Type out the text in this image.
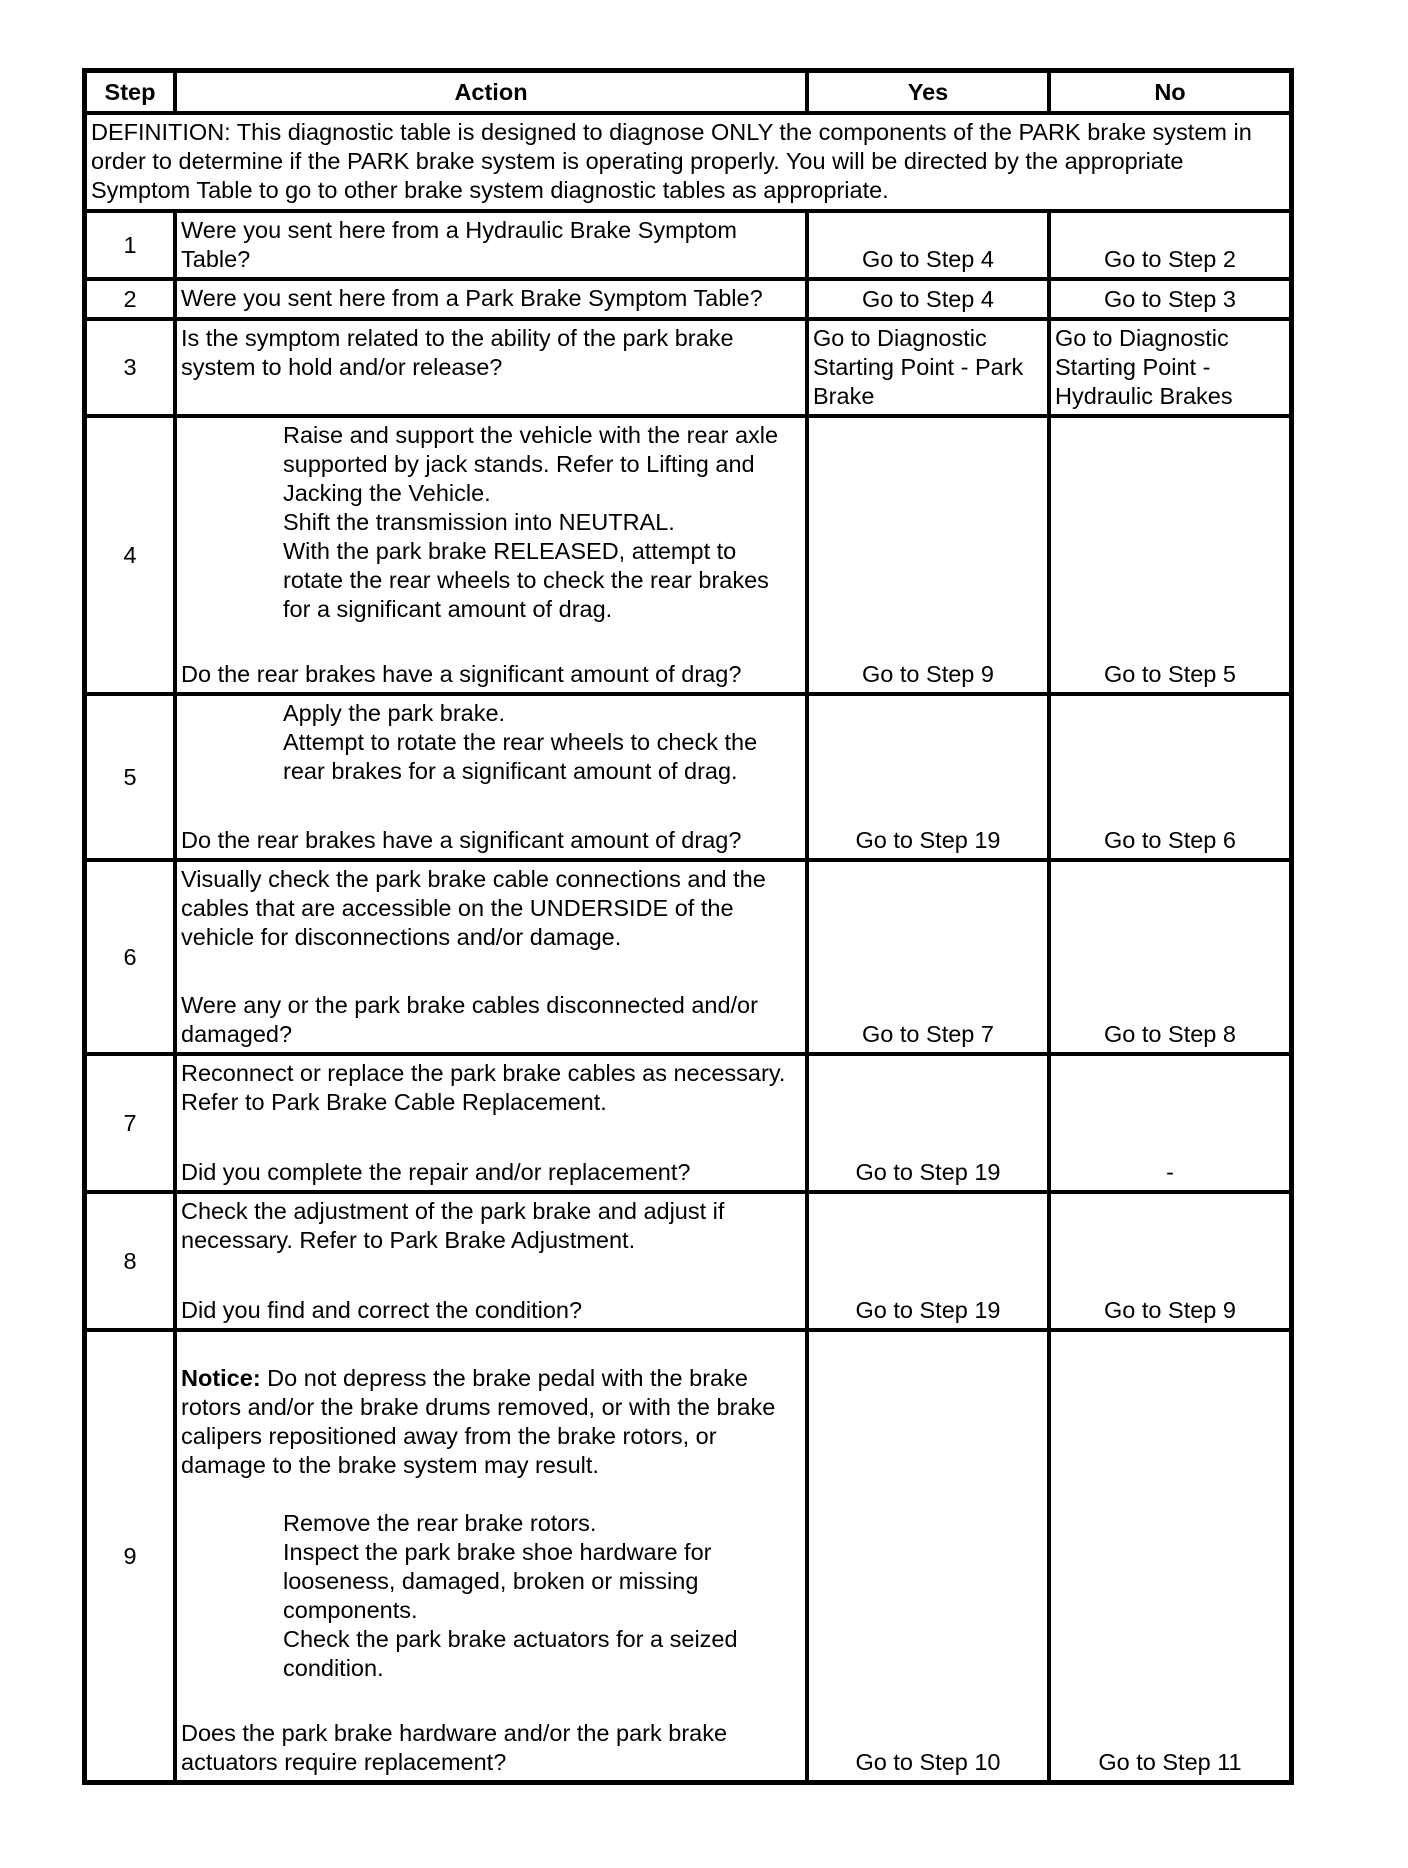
Step	Action	Yes	No
DEFINITION: This diagnostic table is designed to diagnose ONLY the components of the PARK brake system in order to determine if the PARK brake system is operating properly. You will be directed by the appropriate Symptom Table to go to other brake system diagnostic tables as appropriate.			
1	Were you sent here from a Hydraulic Brake Symptom Table?	Go to Step 4	Go to Step 2
2	Were you sent here from a Park Brake Symptom Table?	Go to Step 4	Go to Step 3
3	Is the symptom related to the ability of the park brake system to hold and/or release?	Go to Diagnostic Starting Point - Park Brake	Go to Diagnostic Starting Point - Hydraulic Brakes
4	Raise and support the vehicle with the rear axle supported by jack stands. Refer to Lifting and Jacking the Vehicle.
Shift the transmission into NEUTRAL.
With the park brake RELEASED, attempt to rotate the rear wheels to check the rear brakes for a significant amount of drag.
Do the rear brakes have a significant amount of drag?	Go to Step 9	Go to Step 5
5	Apply the park brake.
Attempt to rotate the rear wheels to check the rear brakes for a significant amount of drag.
Do the rear brakes have a significant amount of drag?	Go to Step 19	Go to Step 6
6	Visually check the park brake cable connections and the cables that are accessible on the UNDERSIDE of the vehicle for disconnections and/or damage.
Were any or the park brake cables disconnected and/or damaged?	Go to Step 7	Go to Step 8
7	Reconnect or replace the park brake cables as necessary. Refer to Park Brake Cable Replacement.
Did you complete the repair and/or replacement?	Go to Step 19	-
8	Check the adjustment of the park brake and adjust if necessary. Refer to Park Brake Adjustment.
Did you find and correct the condition?	Go to Step 19	Go to Step 9
9	Notice: Do not depress the brake pedal with the brake rotors and/or the brake drums removed, or with the brake calipers repositioned away from the brake rotors, or damage to the brake system may result.
Remove the rear brake rotors.
Inspect the park brake shoe hardware for looseness, damaged, broken or missing components.
Check the park brake actuators for a seized condition.
Does the park brake hardware and/or the park brake actuators require replacement?	Go to Step 10	Go to Step 11
